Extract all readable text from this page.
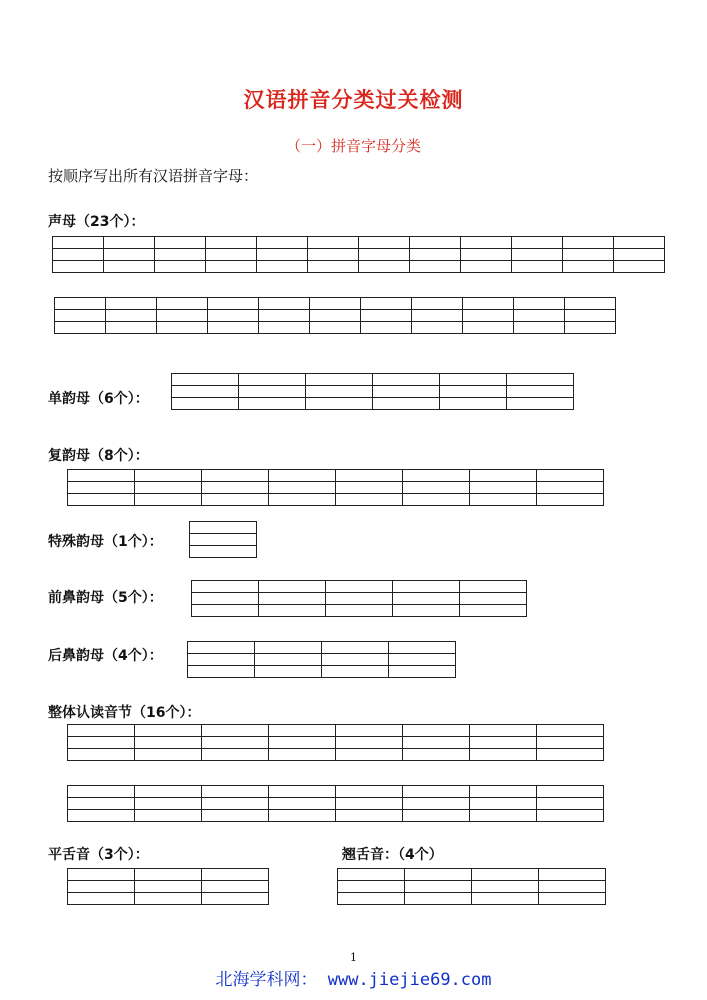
汉语拼音分类过关检测
（一）拼音字母分类
按顺序写出所有汉语拼音字母：
声母（23个）：

单韵母（6个）：

复韵母（8个）：

特殊韵母（1个）：

前鼻韵母（5个）：

后鼻韵母（4个）：

整体认读音节（16个）：

平舌音（3个）：

			翘舌音：（4个）

1
北海学科网： www.jiejie69.com
